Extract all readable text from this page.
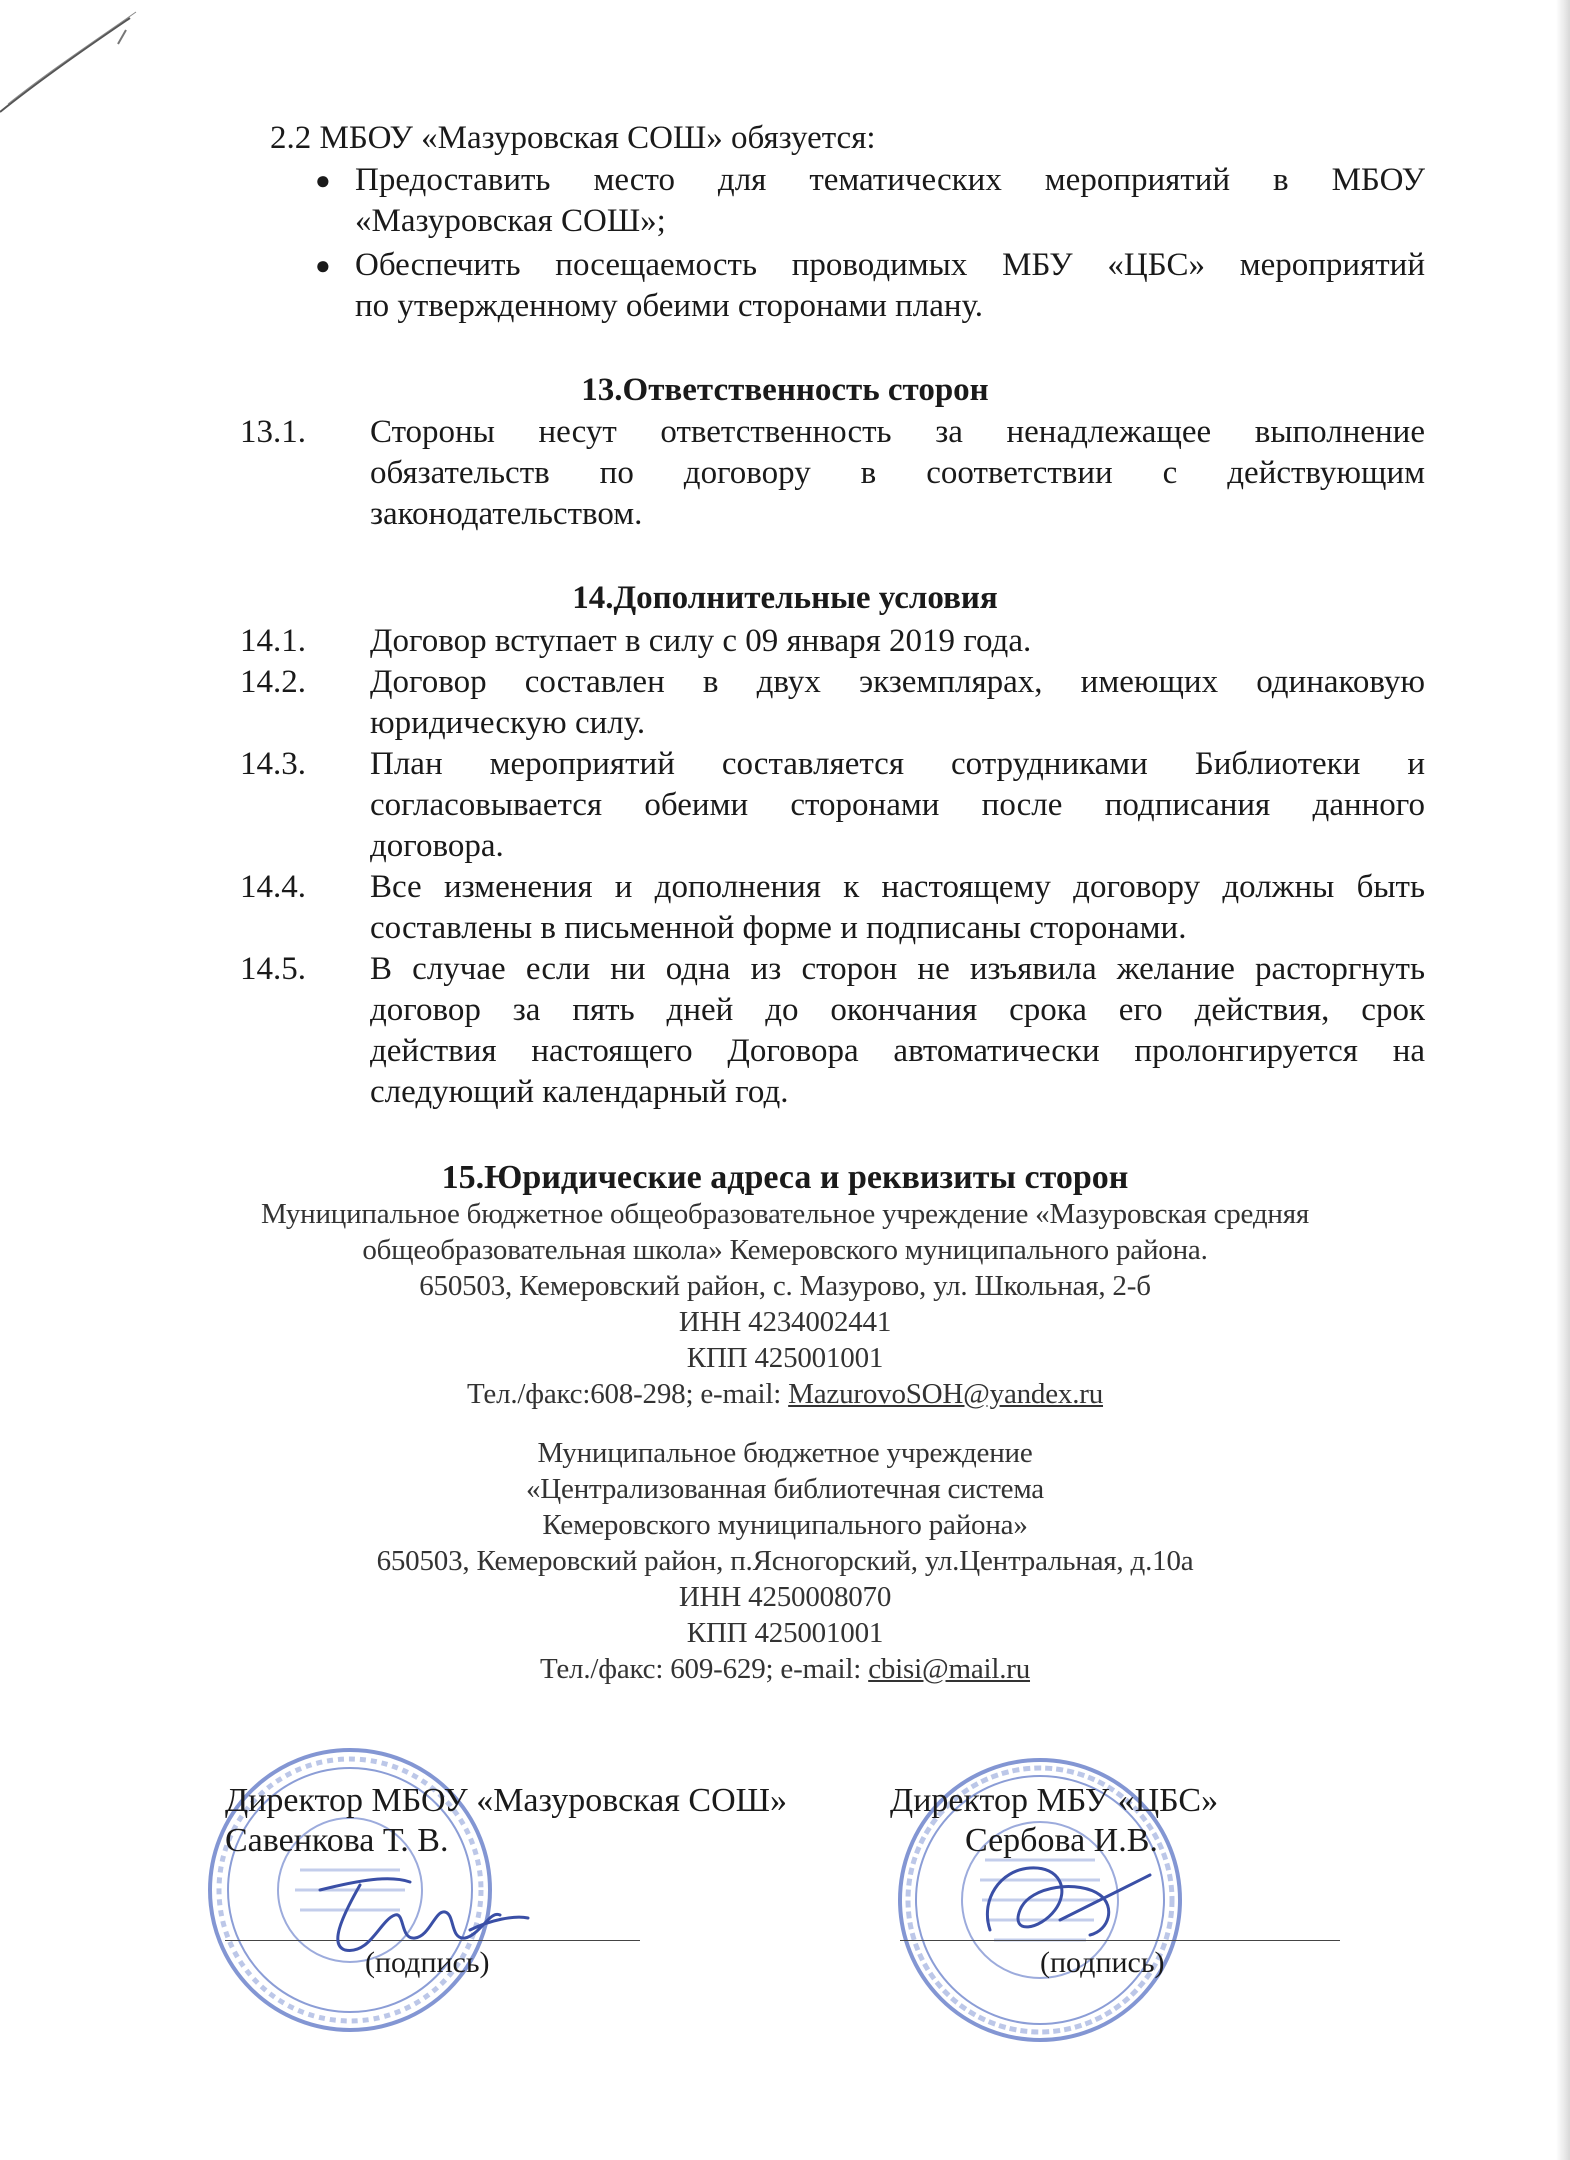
2.2 МБОУ «Мазуровская СОШ» обязуется:
● Предоставить место для тематических мероприятий в МБОУ
«Мазуровская СОШ»;
● Обеспечить посещаемость проводимых МБУ «ЦБС» мероприятий
по утвержденному обеими сторонами плану.
13.Ответственность сторон
13.1. Стороны несут ответственность за ненадлежащее выполнение
обязательств по договору в соответствии с действующим
законодательством.
14.Дополнительные условия
14.1. Договор вступает в силу с 09 января 2019 года.
14.2. Договор составлен в двух экземплярах, имеющих одинаковую
юридическую силу.
14.3. План мероприятий составляется сотрудниками Библиотеки и
согласовывается обеими сторонами после подписания данного
договора.
14.4. Все изменения и дополнения к настоящему договору должны быть
составлены в письменной форме и подписаны сторонами.
14.5. В случае если ни одна из сторон не изъявила желание расторгнуть
договор за пять дней до окончания срока его действия, срок
действия настоящего Договора автоматически пролонгируется на
следующий календарный год.
15.Юридические адреса и реквизиты сторон
Муниципальное бюджетное общеобразовательное учреждение «Мазуровская средняя
общеобразовательная школа» Кемеровского муниципального района.
650503, Кемеровский район, с. Мазурово, ул. Школьная, 2-б
ИНН 4234002441
КПП 425001001
Тел./факс:608-298; e-mail: MazurovoSOH@yandex.ru
Муниципальное бюджетное учреждение
«Централизованная библиотечная система
Кемеровского муниципального района»
650503, Кемеровский район, п.Ясногорский, ул.Центральная, д.10а
ИНН 4250008070
КПП 425001001
Тел./факс: 609-629; e-mail: cbisi@mail.ru
Директор МБОУ «Мазуровская СОШ»
Савенкова Т. В.
(подпись)
Директор МБУ «ЦБС»
Сербова И.В.
(подпись)
